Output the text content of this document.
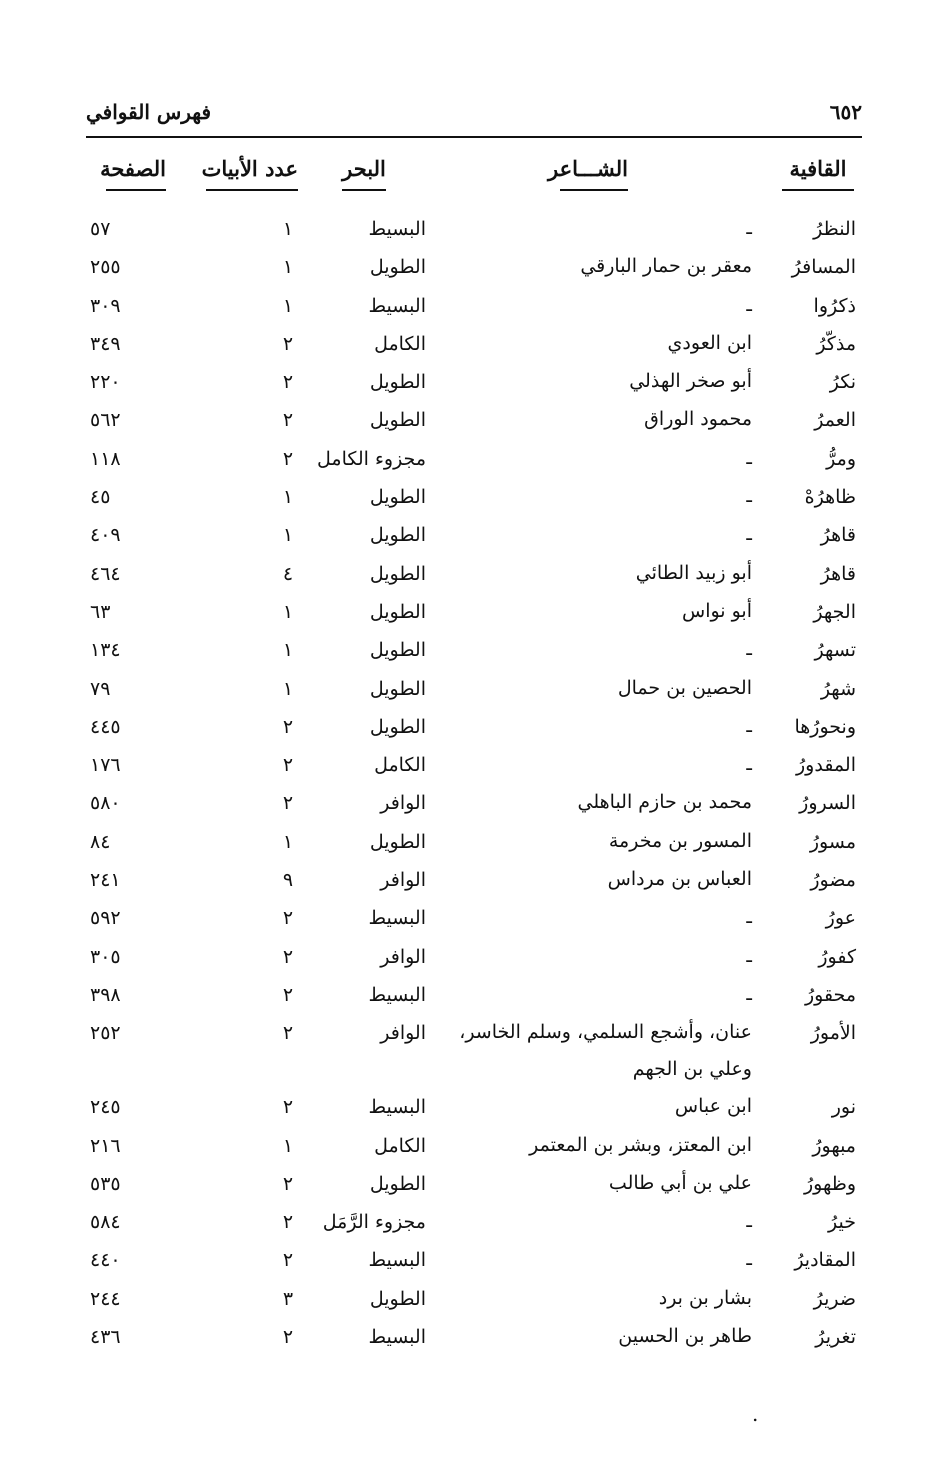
٦٥٢
فهرس القوافي
القافية
الشـــاعر
البحر
عدد الأبيات
الصفحة
النظرُ
ـ
البسيط
١
٥٧
المسافرُ
معقر بن حمار البارقي
الطويل
١
٢٥٥
ذكرُوا
ـ
البسيط
١
٣٠٩
مذكّرُ
ابن العودي
الكامل
٢
٣٤٩
نكرُ
أبو صخر الهذلي
الطويل
٢
٢٢٠
العمرُ
محمود الوراق
الطويل
٢
٥٦٢
ومرُّ
ـ
مجزوء الكامل
٢
١١٨
ظاهرُهْ
ـ
الطويل
١
٤٥
قاهرُ
ـ
الطويل
١
٤٠٩
قاهرُ
أبو زبيد الطائي
الطويل
٤
٤٦٤
الجهرُ
أبو نواس
الطويل
١
٦٣
تسهرُ
ـ
الطويل
١
١٣٤
شهرُ
الحصين بن حمال
الطويل
١
٧٩
ونحورُها
ـ
الطويل
٢
٤٤٥
المقدورُ
ـ
الكامل
٢
١٧٦
السرورُ
محمد بن حازم الباهلي
الوافر
٢
٥٨٠
مسورُ
المسور بن مخرمة
الطويل
١
٨٤
مضورُ
العباس بن مرداس
الوافر
٩
٢٤١
عورُ
ـ
البسيط
٢
٥٩٢
كفورُ
ـ
الوافر
٢
٣٠٥
محقورُ
ـ
البسيط
٢
٣٩٨
الأمورُ
عنان، وأشجع السلمي، وسلم الخاسر، وعلي بن الجهم
الوافر
٢
٢٥٢
نور
ابن عباس
البسيط
٢
٢٤٥
مبهورُ
ابن المعتز، وبشر بن المعتمر
الكامل
١
٢١٦
وظهورُ
علي بن أبي طالب
الطويل
٢
٥٣٥
خيرُ
ـ
مجزوء الرَّمَل
٢
٥٨٤
المقاديرُ
ـ
البسيط
٢
٤٤٠
ضريرُ
بشار بن برد
الطويل
٣
٢٤٤
تغريرُ
طاهر بن الحسين
البسيط
٢
٤٣٦
.
